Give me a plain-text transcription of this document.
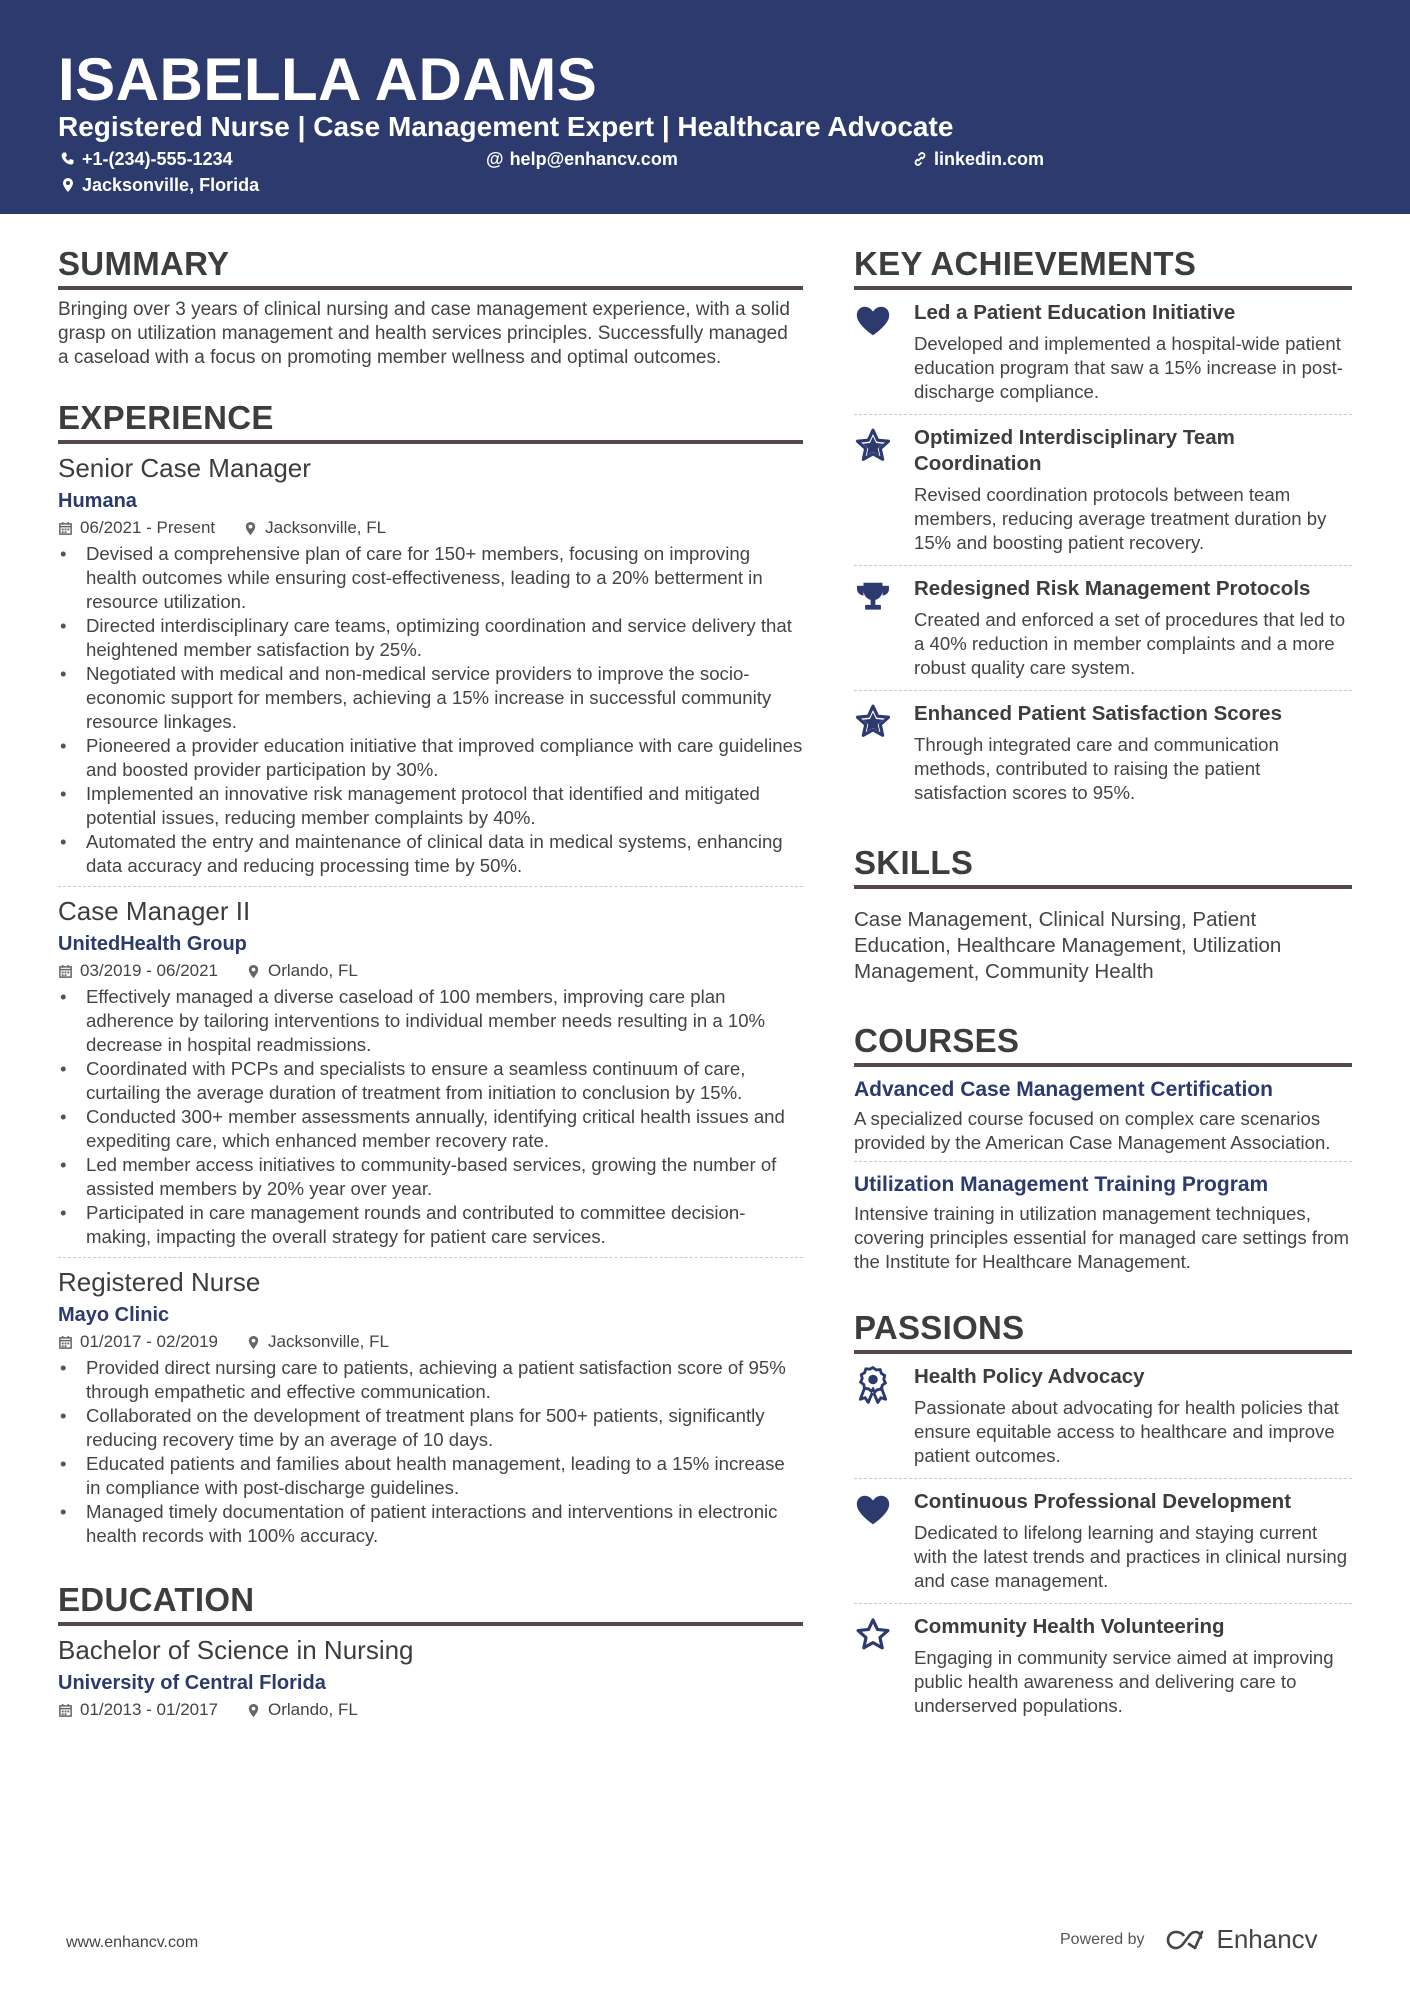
ISABELLA ADAMS
Registered Nurse | Case Management Expert | Healthcare Advocate
+1-(234)-555-1234	@ help@enhancv.com	linkedin.com
Jacksonville, Florida
SUMMARY

Bringing over 3 years of clinical nursing and case management experience, with a solid grasp on utilization management and health services principles. Successfully managed a caseload with a focus on promoting member wellness and optimal outcomes.

EXPERIENCE
Senior Case Manager
Humana
06/2021 - Present	Jacksonville, FL
• Devised a comprehensive plan of care for 150+ members, focusing on improving health outcomes while ensuring cost-effectiveness, leading to a 20% betterment in resource utilization.
• Directed interdisciplinary care teams, optimizing coordination and service delivery that heightened member satisfaction by 25%.
• Negotiated with medical and non-medical service providers to improve the socio-economic support for members, achieving a 15% increase in successful community resource linkages.
• Pioneered a provider education initiative that improved compliance with care guidelines and boosted provider participation by 30%.
• Implemented an innovative risk management protocol that identified and mitigated potential issues, reducing member complaints by 40%.
• Automated the entry and maintenance of clinical data in medical systems, enhancing data accuracy and reducing processing time by 50%.
Case Manager II
UnitedHealth Group
03/2019 - 06/2021	Orlando, FL
• Effectively managed a diverse caseload of 100 members, improving care plan adherence by tailoring interventions to individual member needs resulting in a 10% decrease in hospital readmissions.
• Coordinated with PCPs and specialists to ensure a seamless continuum of care, curtailing the average duration of treatment from initiation to conclusion by 15%.
• Conducted 300+ member assessments annually, identifying critical health issues and expediting care, which enhanced member recovery rate.
• Led member access initiatives to community-based services, growing the number of assisted members by 20% year over year.
• Participated in care management rounds and contributed to committee decision-making, impacting the overall strategy for patient care services.
Registered Nurse
Mayo Clinic
01/2017 - 02/2019	Jacksonville, FL
• Provided direct nursing care to patients, achieving a patient satisfaction score of 95% through empathetic and effective communication.
• Collaborated on the development of treatment plans for 500+ patients, significantly reducing recovery time by an average of 10 days.
• Educated patients and families about health management, leading to a 15% increase in compliance with post-discharge guidelines.
• Managed timely documentation of patient interactions and interventions in electronic health records with 100% accuracy.
EDUCATION
Bachelor of Science in Nursing
University of Central Florida
01/2013 - 01/2017	Orlando, FL
KEY ACHIEVEMENTS
Led a Patient Education Initiative
Developed and implemented a hospital-wide patient education program that saw a 15% increase in post-discharge compliance.
Optimized Interdisciplinary Team Coordination
Revised coordination protocols between team members, reducing average treatment duration by 15% and boosting patient recovery.
Redesigned Risk Management Protocols
Created and enforced a set of procedures that led to a 40% reduction in member complaints and a more robust quality care system.
Enhanced Patient Satisfaction Scores
Through integrated care and communication methods, contributed to raising the patient satisfaction scores to 95%.
SKILLS

Case Management, Clinical Nursing, Patient Education, Healthcare Management, Utilization Management, Community Health

COURSES
Advanced Case Management Certification

A specialized course focused on complex care scenarios provided by the American Case Management Association.

Utilization Management Training Program

Intensive training in utilization management techniques, covering principles essential for managed care settings from the Institute for Healthcare Management.

PASSIONS
Health Policy Advocacy
Passionate about advocating for health policies that ensure equitable access to healthcare and improve patient outcomes.
Continuous Professional Development
Dedicated to lifelong learning and staying current with the latest trends and practices in clinical nursing and case management.
Community Health Volunteering
Engaging in community service aimed at improving public health awareness and delivering care to underserved populations.
www.enhancv.com	Powered by	Enhancv
